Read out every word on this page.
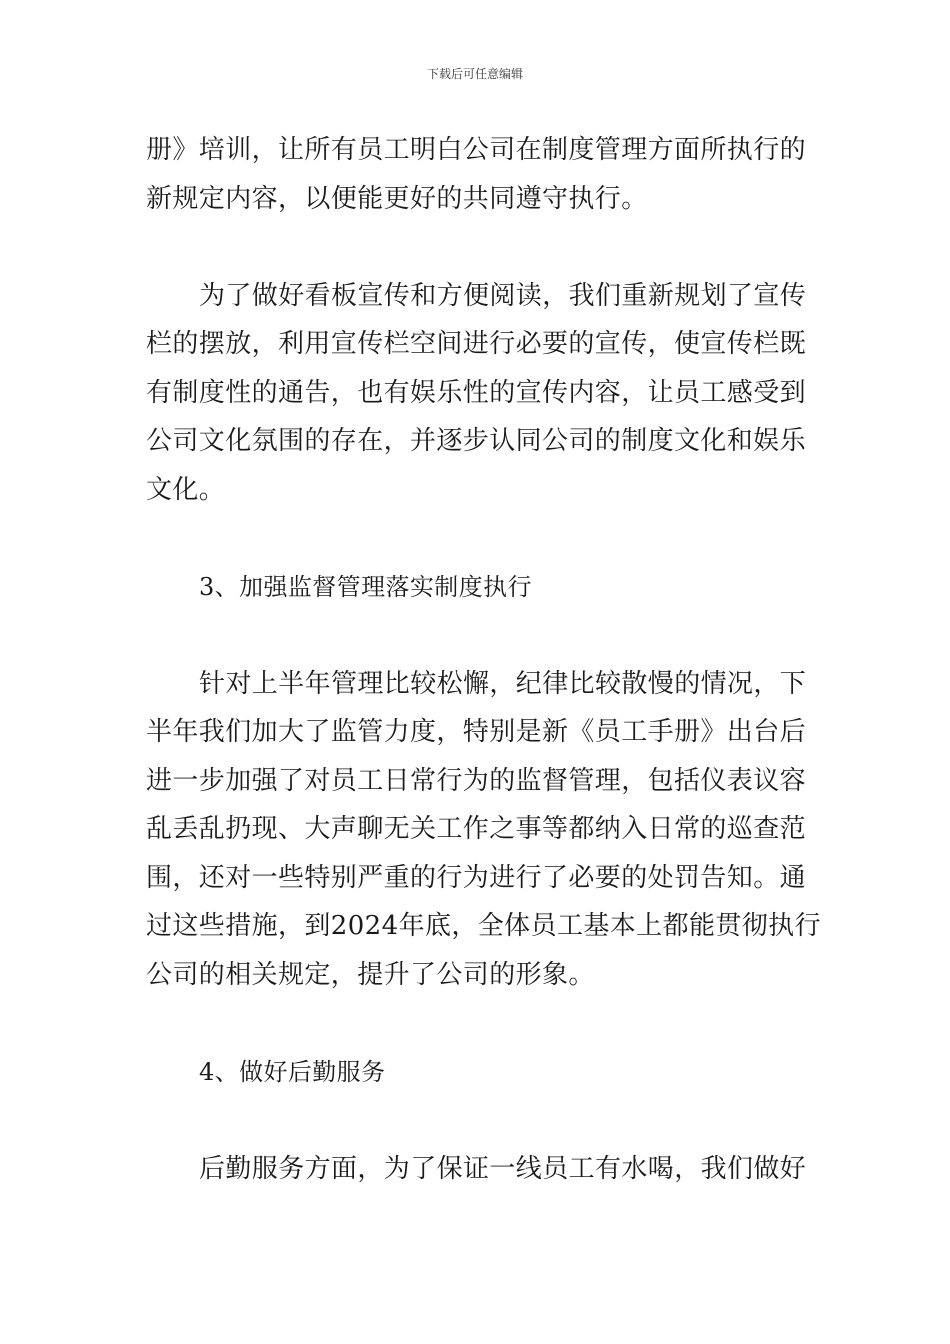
下载后可任意编辑
册》培训，让所有员工明白公司在制度管理方面所执行的
新规定内容，以便能更好的共同遵守执行。
为了做好看板宣传和方便阅读，我们重新规划了宣传
栏的摆放，利用宣传栏空间进行必要的宣传，使宣传栏既
有制度性的通告，也有娱乐性的宣传内容，让员工感受到
公司文化氛围的存在，并逐步认同公司的制度文化和娱乐
文化。
3、加强监督管理落实制度执行
针对上半年管理比较松懈，纪律比较散慢的情况，下
半年我们加大了监管力度，特别是新《员工手册》出台后
进一步加强了对员工日常行为的监督管理，包括仪表议容
乱丢乱扔现、大声聊无关工作之事等都纳入日常的巡查范
围，还对一些特别严重的行为进行了必要的处罚告知。通
过这些措施，到2024年底，全体员工基本上都能贯彻执行
公司的相关规定，提升了公司的形象。
4、做好后勤服务
后勤服务方面，为了保证一线员工有水喝，我们做好
